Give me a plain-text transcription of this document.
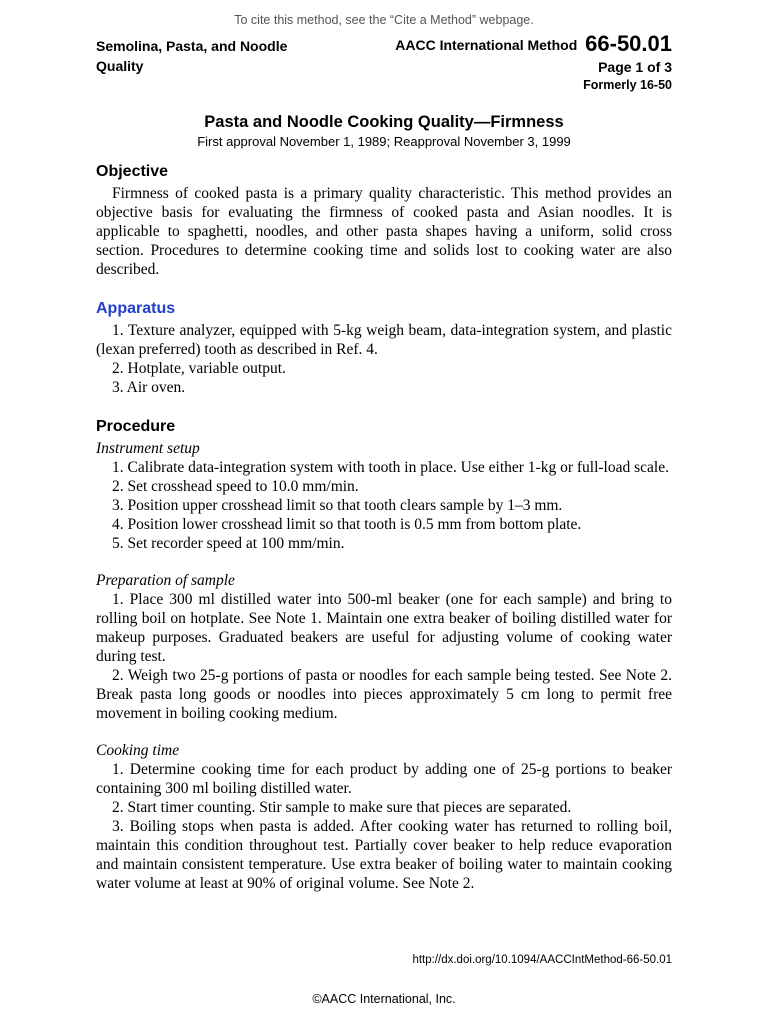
To cite this method, see the “Cite a Method” webpage.
Semolina, Pasta, and Noodle Quality
AACC International Method 66-50.01
Page 1 of 3
Formerly 16-50
Pasta and Noodle Cooking Quality—Firmness
First approval November 1, 1989; Reapproval November 3, 1999
Objective

Firmness of cooked pasta is a primary quality characteristic. This method provides an objective basis for evaluating the firmness of cooked pasta and Asian noodles. It is applicable to spaghetti, noodles, and other pasta shapes having a uniform, solid cross section. Procedures to determine cooking time and solids lost to cooking water are also described.

Apparatus

1. Texture analyzer, equipped with 5-kg weigh beam, data-integration system, and plastic (lexan preferred) tooth as described in Ref. 4.

2. Hotplate, variable output.

3. Air oven.

Procedure

Instrument setup

1. Calibrate data-integration system with tooth in place. Use either 1-kg or full-load scale.

2. Set crosshead speed to 10.0 mm/min.

3. Position upper crosshead limit so that tooth clears sample by 1–3 mm.

4. Position lower crosshead limit so that tooth is 0.5 mm from bottom plate.

5. Set recorder speed at 100 mm/min.

Preparation of sample

1. Place 300 ml distilled water into 500-ml beaker (one for each sample) and bring to rolling boil on hotplate. See Note 1. Maintain one extra beaker of boiling distilled water for makeup purposes. Graduated beakers are useful for adjusting volume of cooking water during test.

2. Weigh two 25-g portions of pasta or noodles for each sample being tested. See Note 2. Break pasta long goods or noodles into pieces approximately 5 cm long to permit free movement in boiling cooking medium.

Cooking time

1. Determine cooking time for each product by adding one of 25-g portions to beaker containing 300 ml boiling distilled water.

2. Start timer counting. Stir sample to make sure that pieces are separated.

3. Boiling stops when pasta is added. After cooking water has returned to rolling boil, maintain this condition throughout test. Partially cover beaker to help reduce evaporation and maintain consistent temperature. Use extra beaker of boiling water to maintain cooking water volume at least at 90% of original volume. See Note 2.

http://dx.doi.org/10.1094/AACCIntMethod-66-50.01
©AACC International, Inc.
